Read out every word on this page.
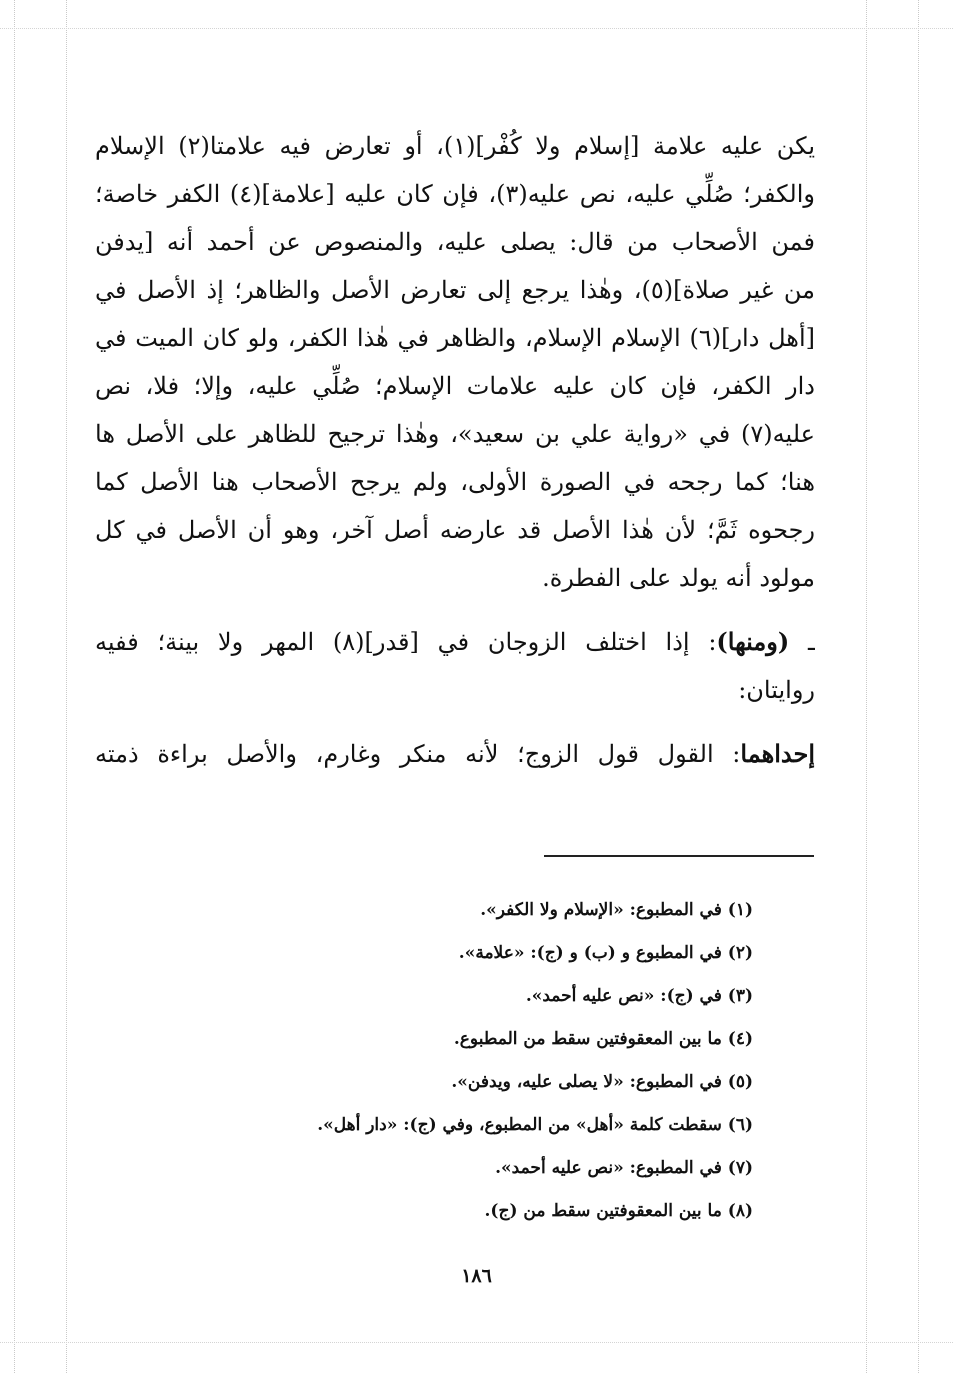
يكن عليه علامة [إسلام ولا كُفْر](١)، أو تعارض فيه علامتا(٢) الإسلام
والكفر؛ صُلِّي عليه، نص عليه(٣)، فإن كان عليه [علامة](٤) الكفر خاصة؛
فمن الأصحاب من قال: يصلى عليه، والمنصوص عن أحمد أنه [يدفن
من غير صلاة](٥)، وهٰذا يرجع إلى تعارض الأصل والظاهر؛ إذ الأصل في
[أهل دار](٦) الإسلام الإسلام، والظاهر في هٰذا الكفر، ولو كان الميت في
دار الكفر، فإن كان عليه علامات الإسلام؛ صُلِّي عليه، وإلا؛ فلا، نص
عليه(٧) في «رواية علي بن سعيد»، وهٰذا ترجيح للظاهر على الأصل ها
هنا؛ كما رجحه في الصورة الأولى، ولم يرجح الأصحاب هنا الأصل كما
رجحوه ثَمَّ؛ لأن هٰذا الأصل قد عارضه أصل آخر، وهو أن الأصل في كل
مولود أنه يولد على الفطرة.
ـ (ومنها): إذا اختلف الزوجان في [قدر](٨) المهر ولا بينة؛ ففيه
روايتان:
إحداهما: القول قول الزوج؛ لأنه منكر وغارم، والأصل براءة ذمته
(١) في المطبوع: «الإسلام ولا الكفر».
(٢) في المطبوع و (ب) و (ج): «علامة».
(٣) في (ج): «نص عليه أحمد».
(٤) ما بين المعقوفتين سقط من المطبوع.
(٥) في المطبوع: «لا يصلى عليه، ويدفن».
(٦) سقطت كلمة «أهل» من المطبوع، وفي (ج): «دار أهل».
(٧) في المطبوع: «نص عليه أحمد».
(٨) ما بين المعقوفتين سقط من (ج).
١٨٦
